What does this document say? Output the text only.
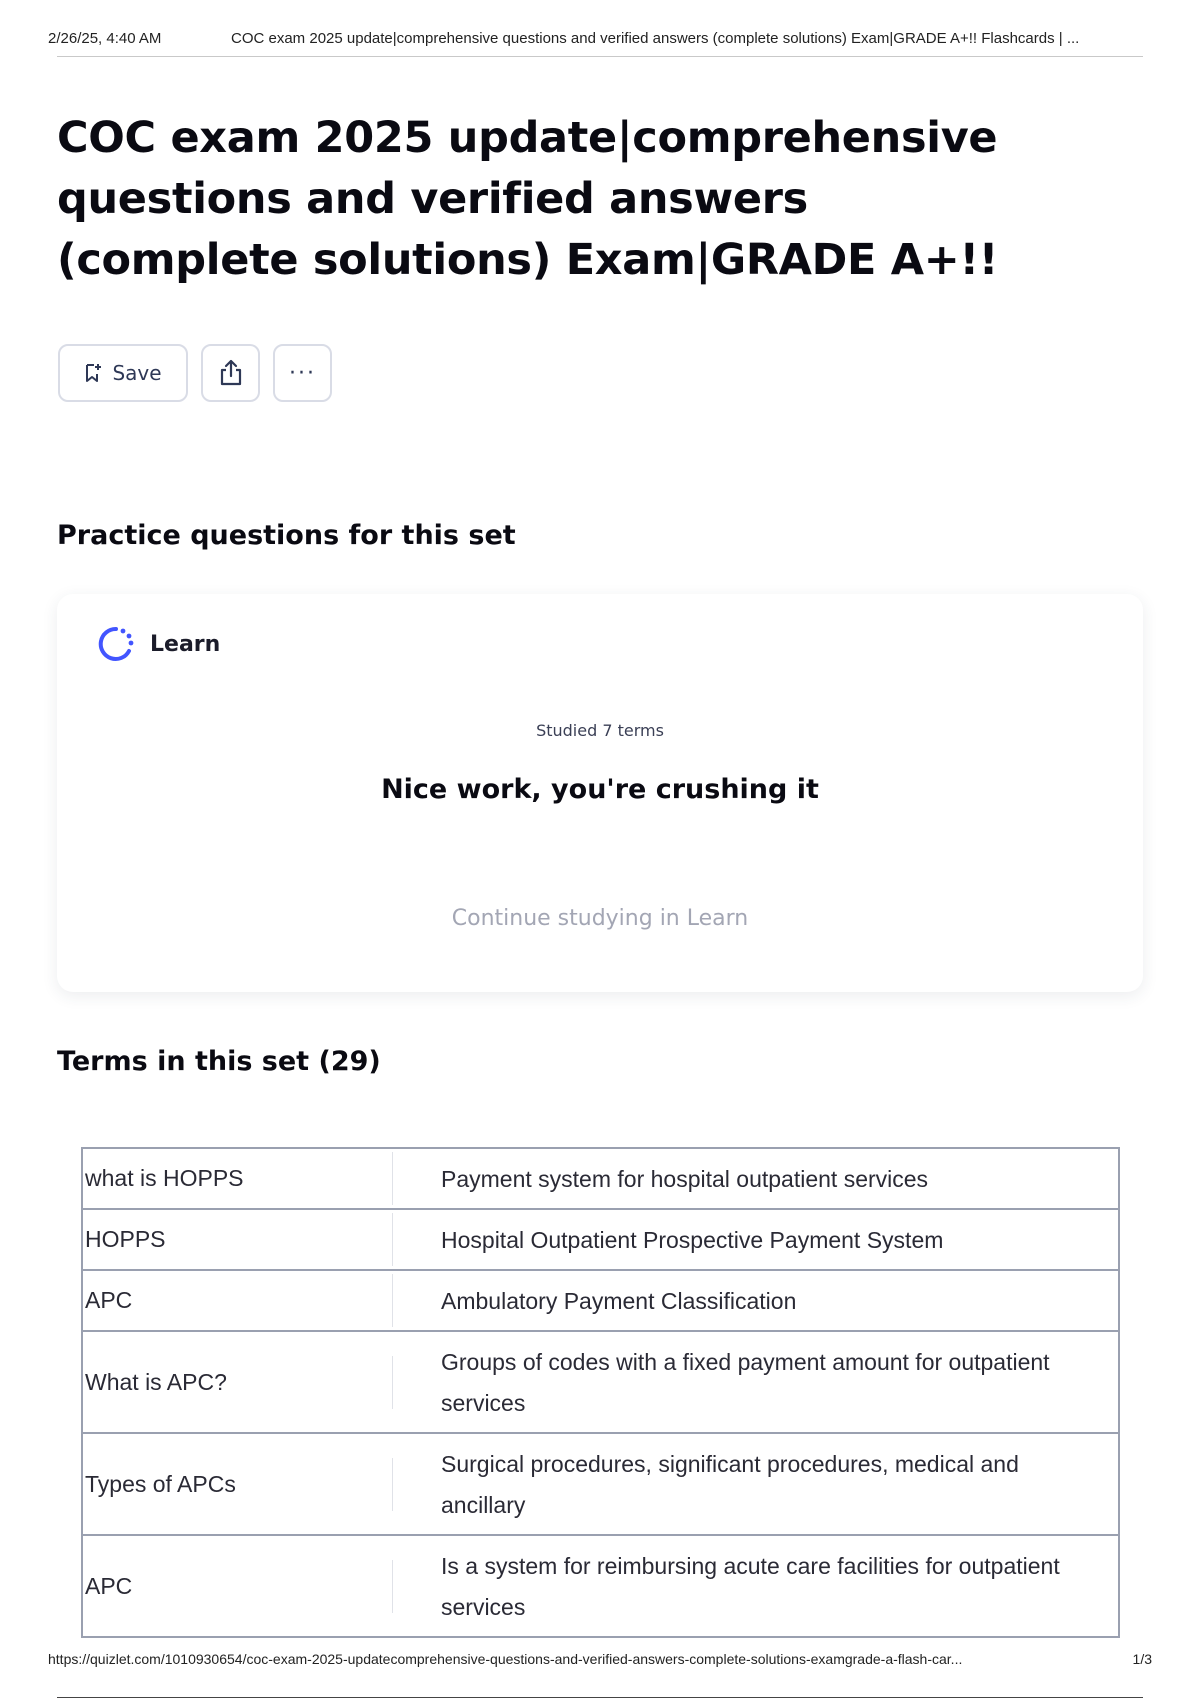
2/26/25, 4:40 AM	COC exam 2025 update|comprehensive questions and verified answers (complete solutions) Exam|GRADE A+!! Flashcards | ...
COC exam 2025 update|comprehensive questions and verified answers (complete solutions) Exam|GRADE A+!!
Save	···
Practice questions for this set
Learn
Studied 7 terms
Nice work, you're crushing it
Continue studying in Learn
Terms in this set (29)
what is HOPPS	Payment system for hospital outpatient services

HOPPS	Hospital Outpatient Prospective Payment System

APC	Ambulatory Payment Classification

What is APC?	Groups of codes with a fixed payment amount for outpatient services

Types of APCs	Surgical procedures, significant procedures, medical and ancillary

APC	Is a system for reimbursing acute care facilities for outpatient services
https://quizlet.com/1010930654/coc-exam-2025-updatecomprehensive-questions-and-verified-answers-complete-solutions-examgrade-a-flash-car...	1/3
